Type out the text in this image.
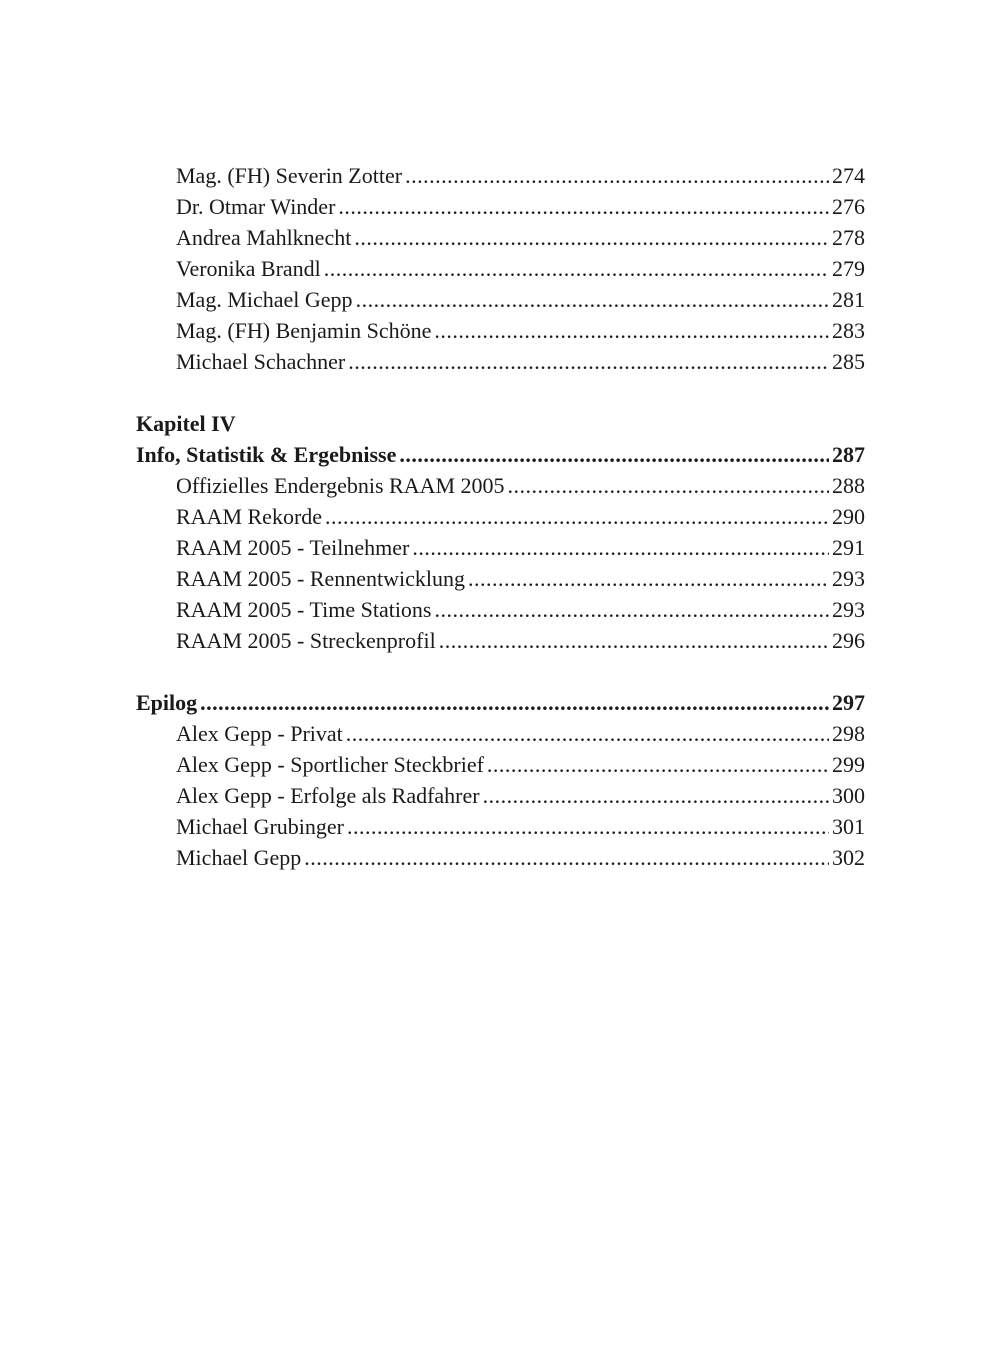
Mag. (FH) Severin Zotter .....	274
Dr. Otmar Winder .....	276
Andrea Mahlknecht .....	278
Veronika Brandl .....	279
Mag. Michael Gepp .....	281
Mag. (FH) Benjamin Schöne .....	283
Michael Schachner .....	285
Kapitel IV
Info, Statistik & Ergebnisse .....	287
Offizielles Endergebnis RAAM 2005 .....	288
RAAM Rekorde .....	290
RAAM 2005 - Teilnehmer .....	291
RAAM 2005 - Rennentwicklung .....	293
RAAM 2005 - Time Stations .....	293
RAAM 2005 - Streckenprofil .....	296
Epilog .....	297
Alex Gepp - Privat .....	298
Alex Gepp - Sportlicher Steckbrief .....	299
Alex Gepp - Erfolge als Radfahrer .....	300
Michael Grubinger .....	301
Michael Gepp .....	302
